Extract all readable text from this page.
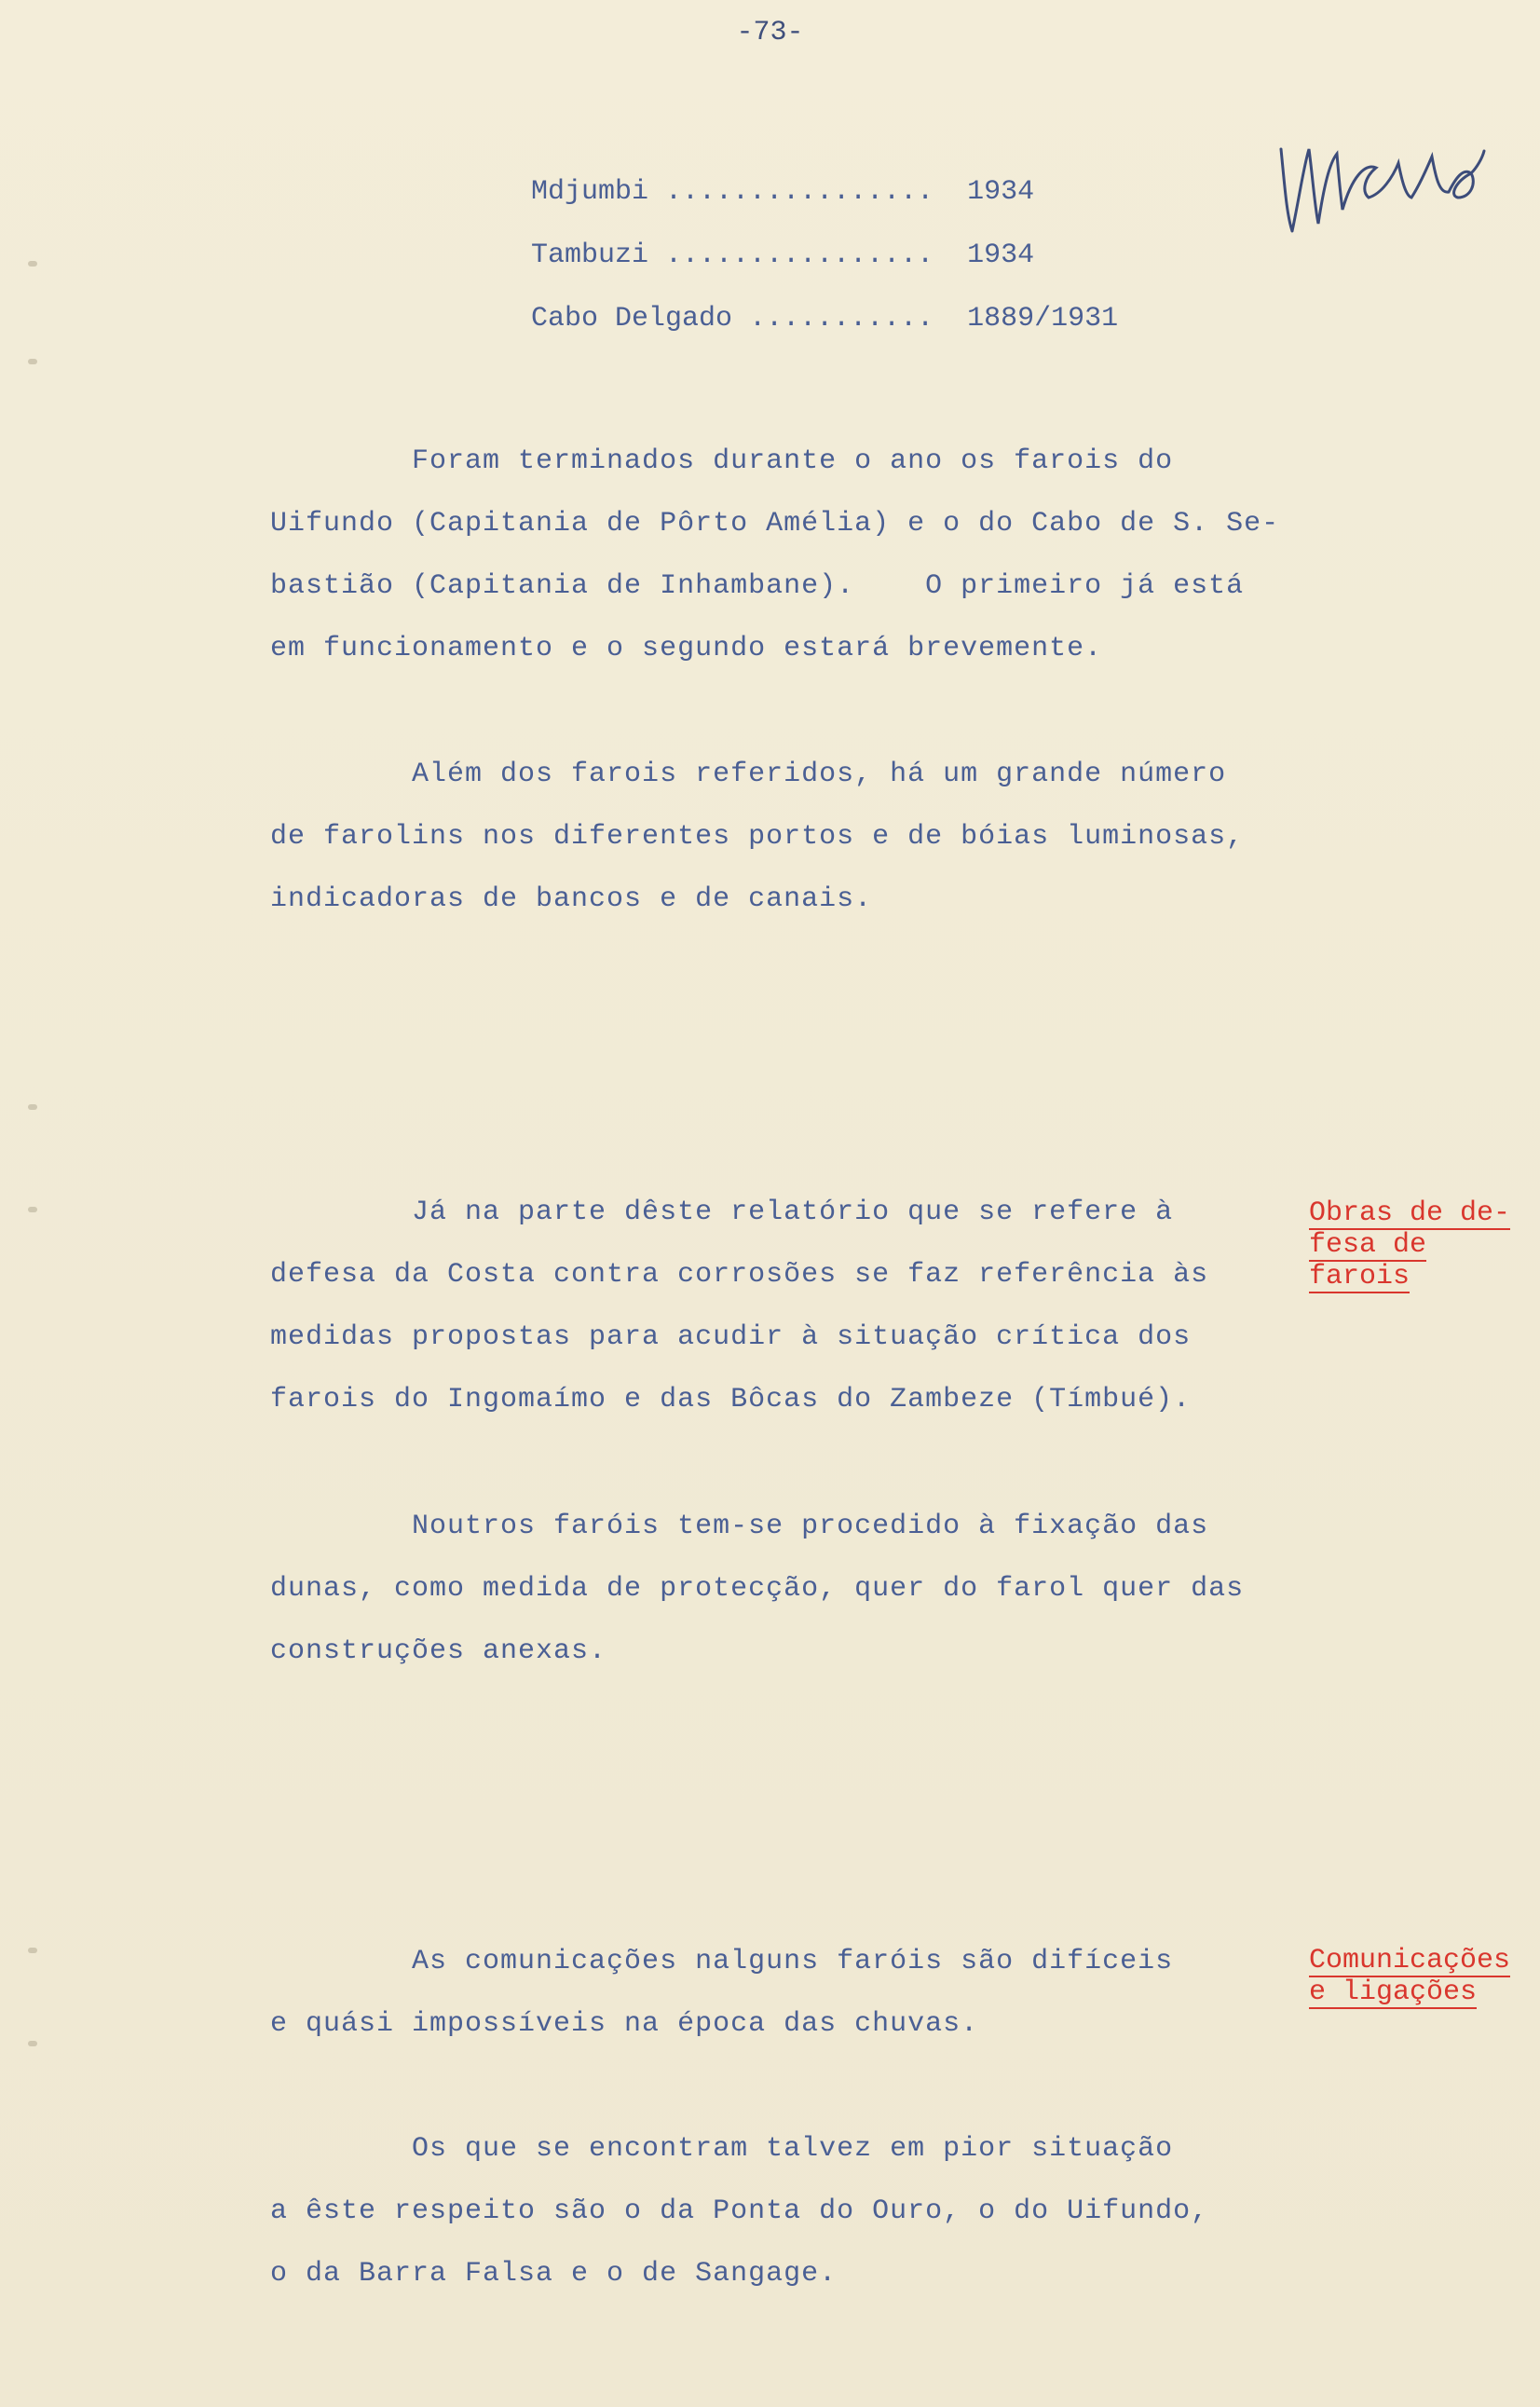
-73-
Mdjumbi ................ 1934
Tambuzi ................ 1934
Cabo Delgado ........... 1889/1931
Foram terminados durante o ano os farois do
Uifundo (Capitania de Pôrto Amélia) e o do Cabo de S. Se-
bastião (Capitania de Inhambane).    O primeiro já está
em funcionamento e o segundo estará brevemente.
Além dos farois referidos, há um grande número
de farolins nos diferentes portos e de bóias luminosas,
indicadoras de bancos e de canais.
Já na parte dêste relatório que se refere à
defesa da Costa contra corrosões se faz referência às
medidas propostas para acudir à situação crítica dos
farois do Ingomaímo e das Bôcas do Zambeze (Tímbué).
Noutros faróis tem-se procedido à fixação das
dunas, como medida de protecção, quer do farol quer das
construções anexas.
As comunicações nalguns faróis são difíceis
e quási impossíveis na época das chuvas.
Os que se encontram talvez em pior situação
a êste respeito são o da Ponta do Ouro, o do Uifundo,
o da Barra Falsa e o de Sangage.
Obras de de-
fesa de
farois
Comunicações
e ligações
